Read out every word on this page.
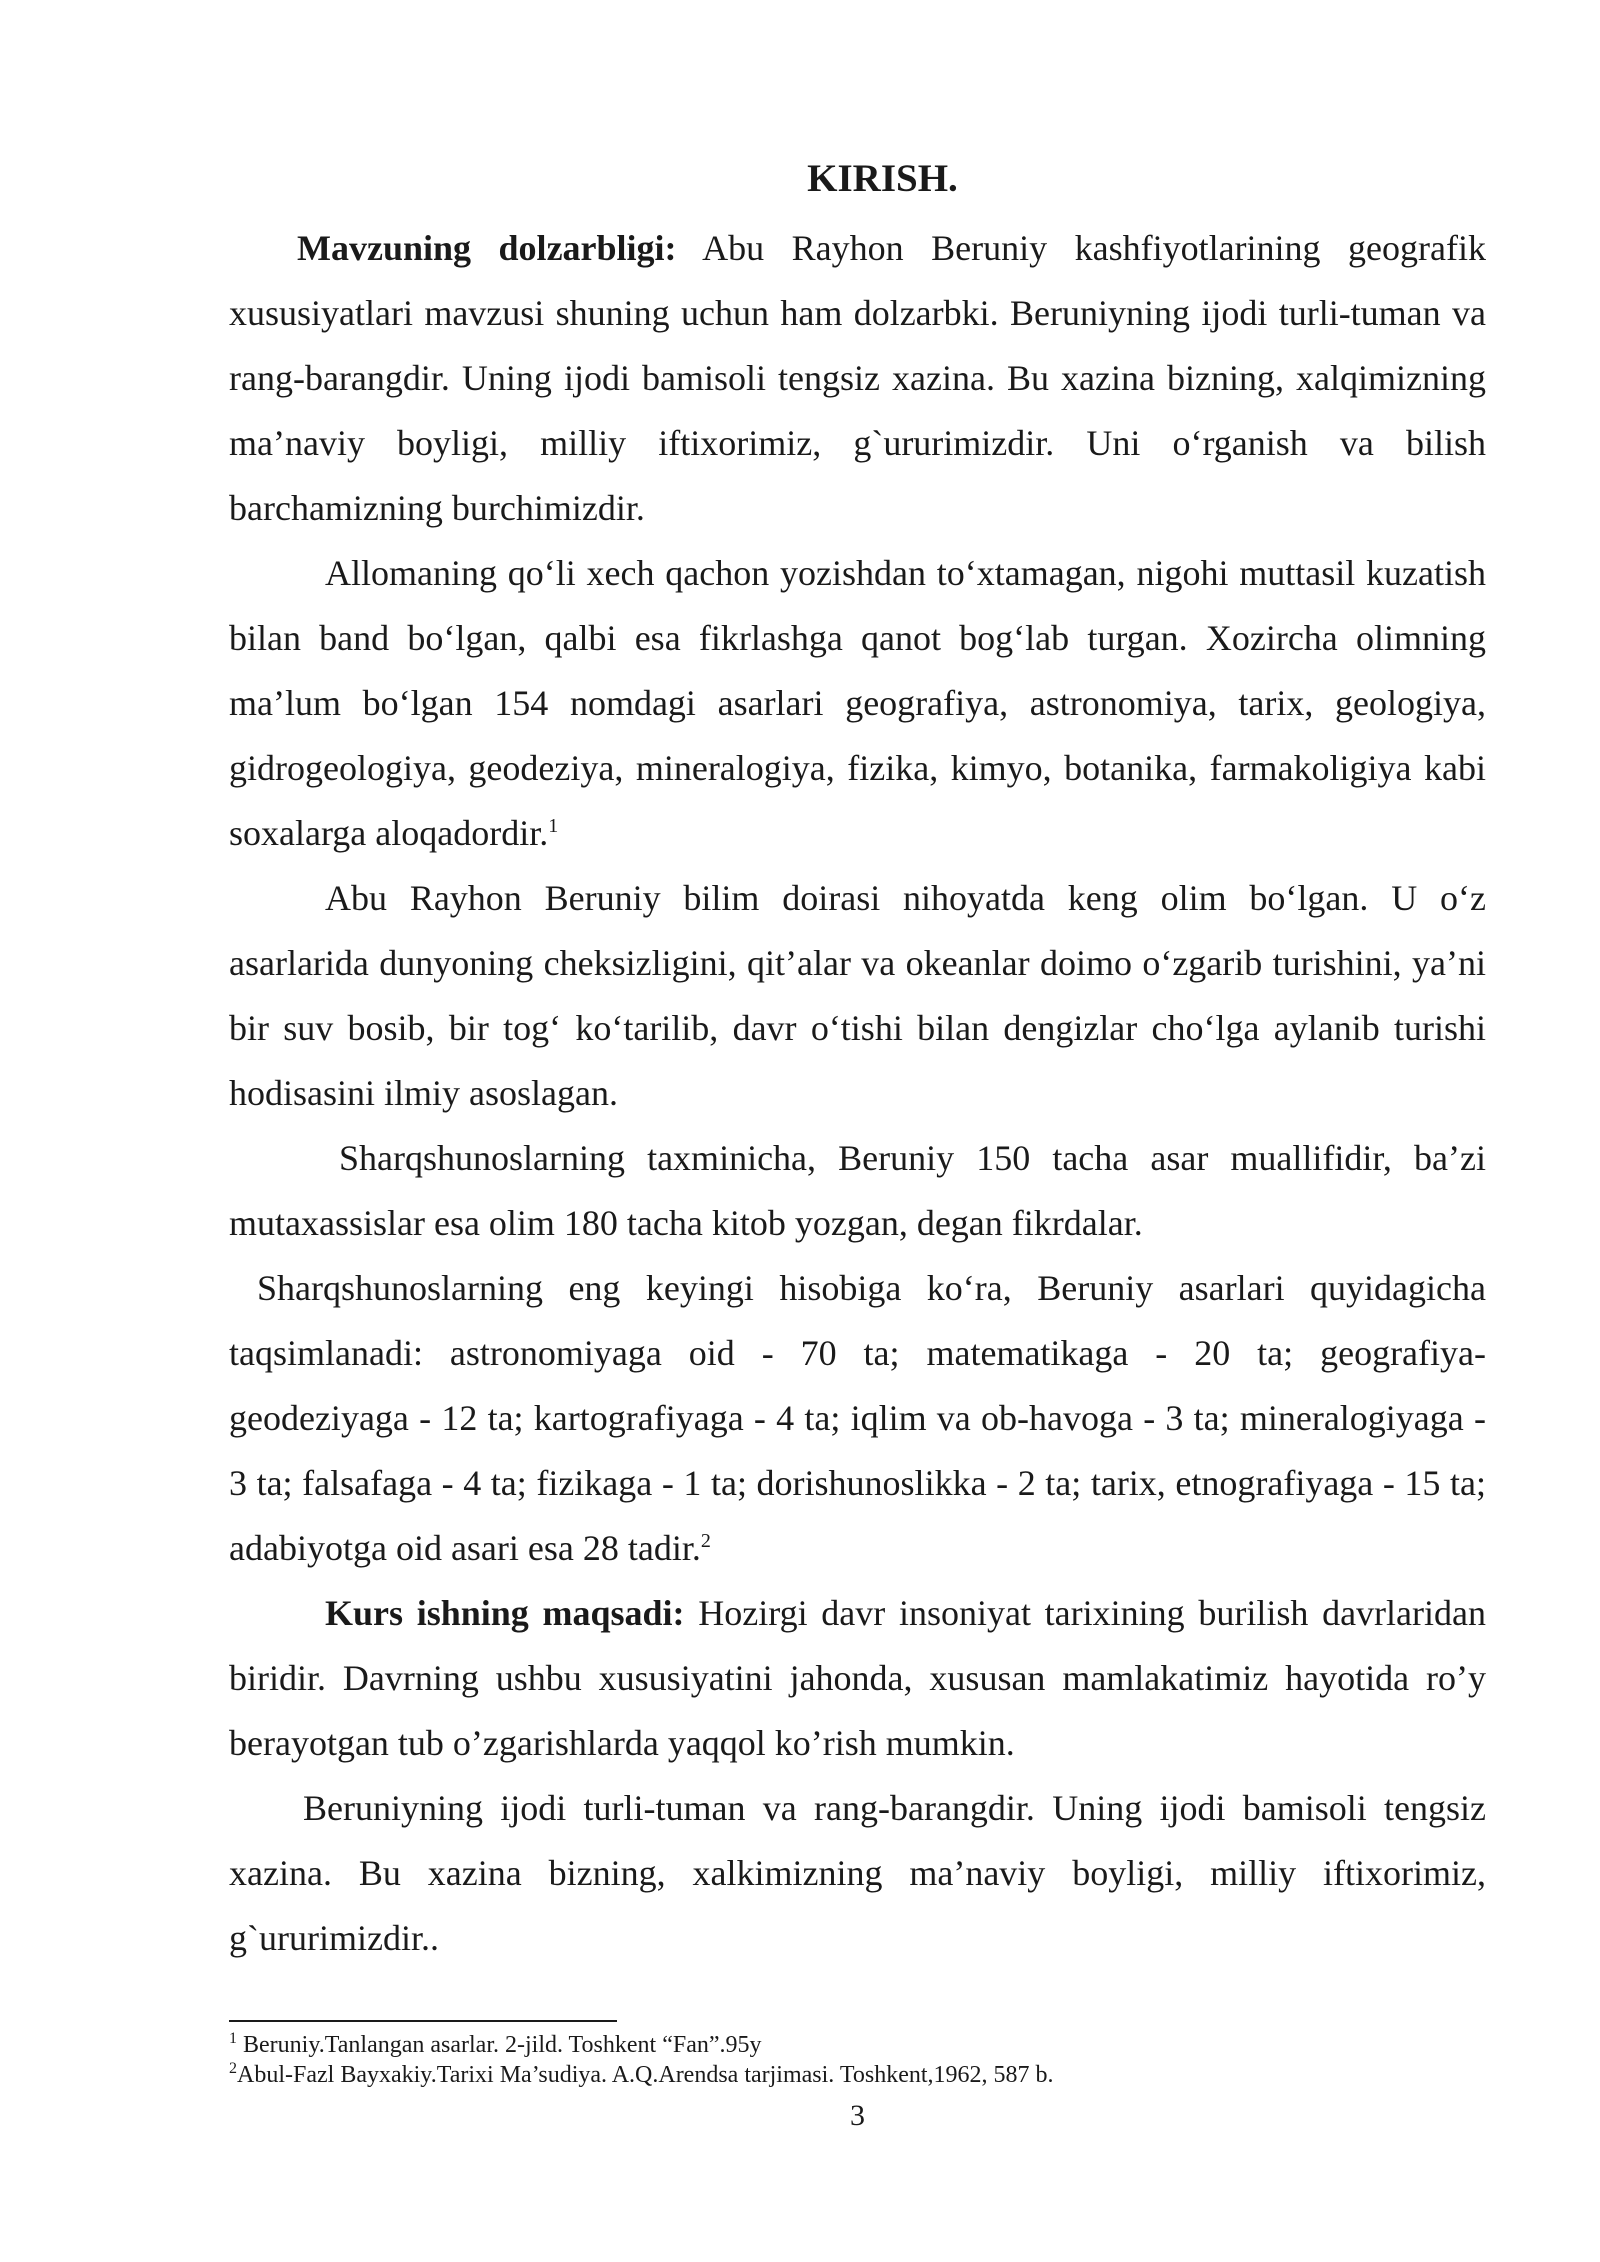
KIRISH.

Mavzuning dolzarbligi: Abu Rayhon Beruniy kashfiyotlarining geografik xususiyatlari mavzusi shuning uchun ham dolzarbki. Beruniyning ijodi turli-tuman va rang-barangdir. Uning ijodi bamisoli tengsiz xazina. Bu xazina bizning, xalqimizning ma’naviy boyligi, milliy iftixorimiz, g`ururimizdir. Uni o‘rganish va bilish barchamizning burchimizdir.

Allomaning qo‘li xech qachon yozishdan to‘xtamagan, nigohi muttasil kuzatish bilan band bo‘lgan, qalbi esa fikrlashga qanot bog‘lab turgan. Xozircha olimning ma’lum bo‘lgan 154 nomdagi asarlari geografiya, astronomiya, tarix, geologiya, gidrogeologiya, geodeziya, mineralogiya, fizika, kimyo, botanika, farmakoligiya kabi soxalarga aloqadordir.$^1$

Abu Rayhon Beruniy bilim doirasi nihoyatda keng olim bo‘lgan. U o‘z asarlarida dunyoning cheksizligini, qit’alar va okeanlar doimo o‘zgarib turishini, ya’ni bir suv bosib, bir tog‘ ko‘tarilib, davr o‘tishi bilan dengizlar cho‘lga aylanib turishi hodisasini ilmiy asoslagan.

Sharqshunoslarning taxminicha, Beruniy 150 tacha asar muallifidir, ba’zi mutaxassislar esa olim 180 tacha kitob yozgan, degan fikrdalar.

Sharqshunoslarning eng keyingi hisobiga ko‘ra, Beruniy asarlari quyidagicha taqsimlanadi: astronomiyaga oid - 70 ta; matematikaga - 20 ta; geografiya-geodeziyaga - 12 ta; kartografiyaga - 4 ta; iqlim va ob-havoga - 3 ta; mineralogiyaga - 3 ta; falsafaga - 4 ta; fizikaga - 1 ta; dorishunoslikka - 2 ta; tarix, etnografiyaga - 15 ta; adabiyotga oid asari esa 28 tadir.$^2$

Kurs ishning maqsadi: Hozirgi davr insoniyat tarixining burilish davrlaridan biridir. Davrning ushbu xususiyatini jahonda, xususan mamlakatimiz hayotida ro’y berayotgan tub o’zgarishlarda yaqqol ko’rish mumkin.

Beruniyning ijodi turli-tuman va rang-barangdir. Uning ijodi bamisoli tengsiz xazina. Bu xazina bizning, xalkimizning ma’naviy boyligi, milliy iftixorimiz, g`ururimizdir..

$^1$ Beruniy.Tanlangan asarlar. 2-jild. Toshkent “Fan”.95y

$^2$Abul-Fazl Bayxakiy.Tarixi Ma’sudiya. A.Q.Arendsa tarjimasi. Toshkent,1962, 587 b.

3
